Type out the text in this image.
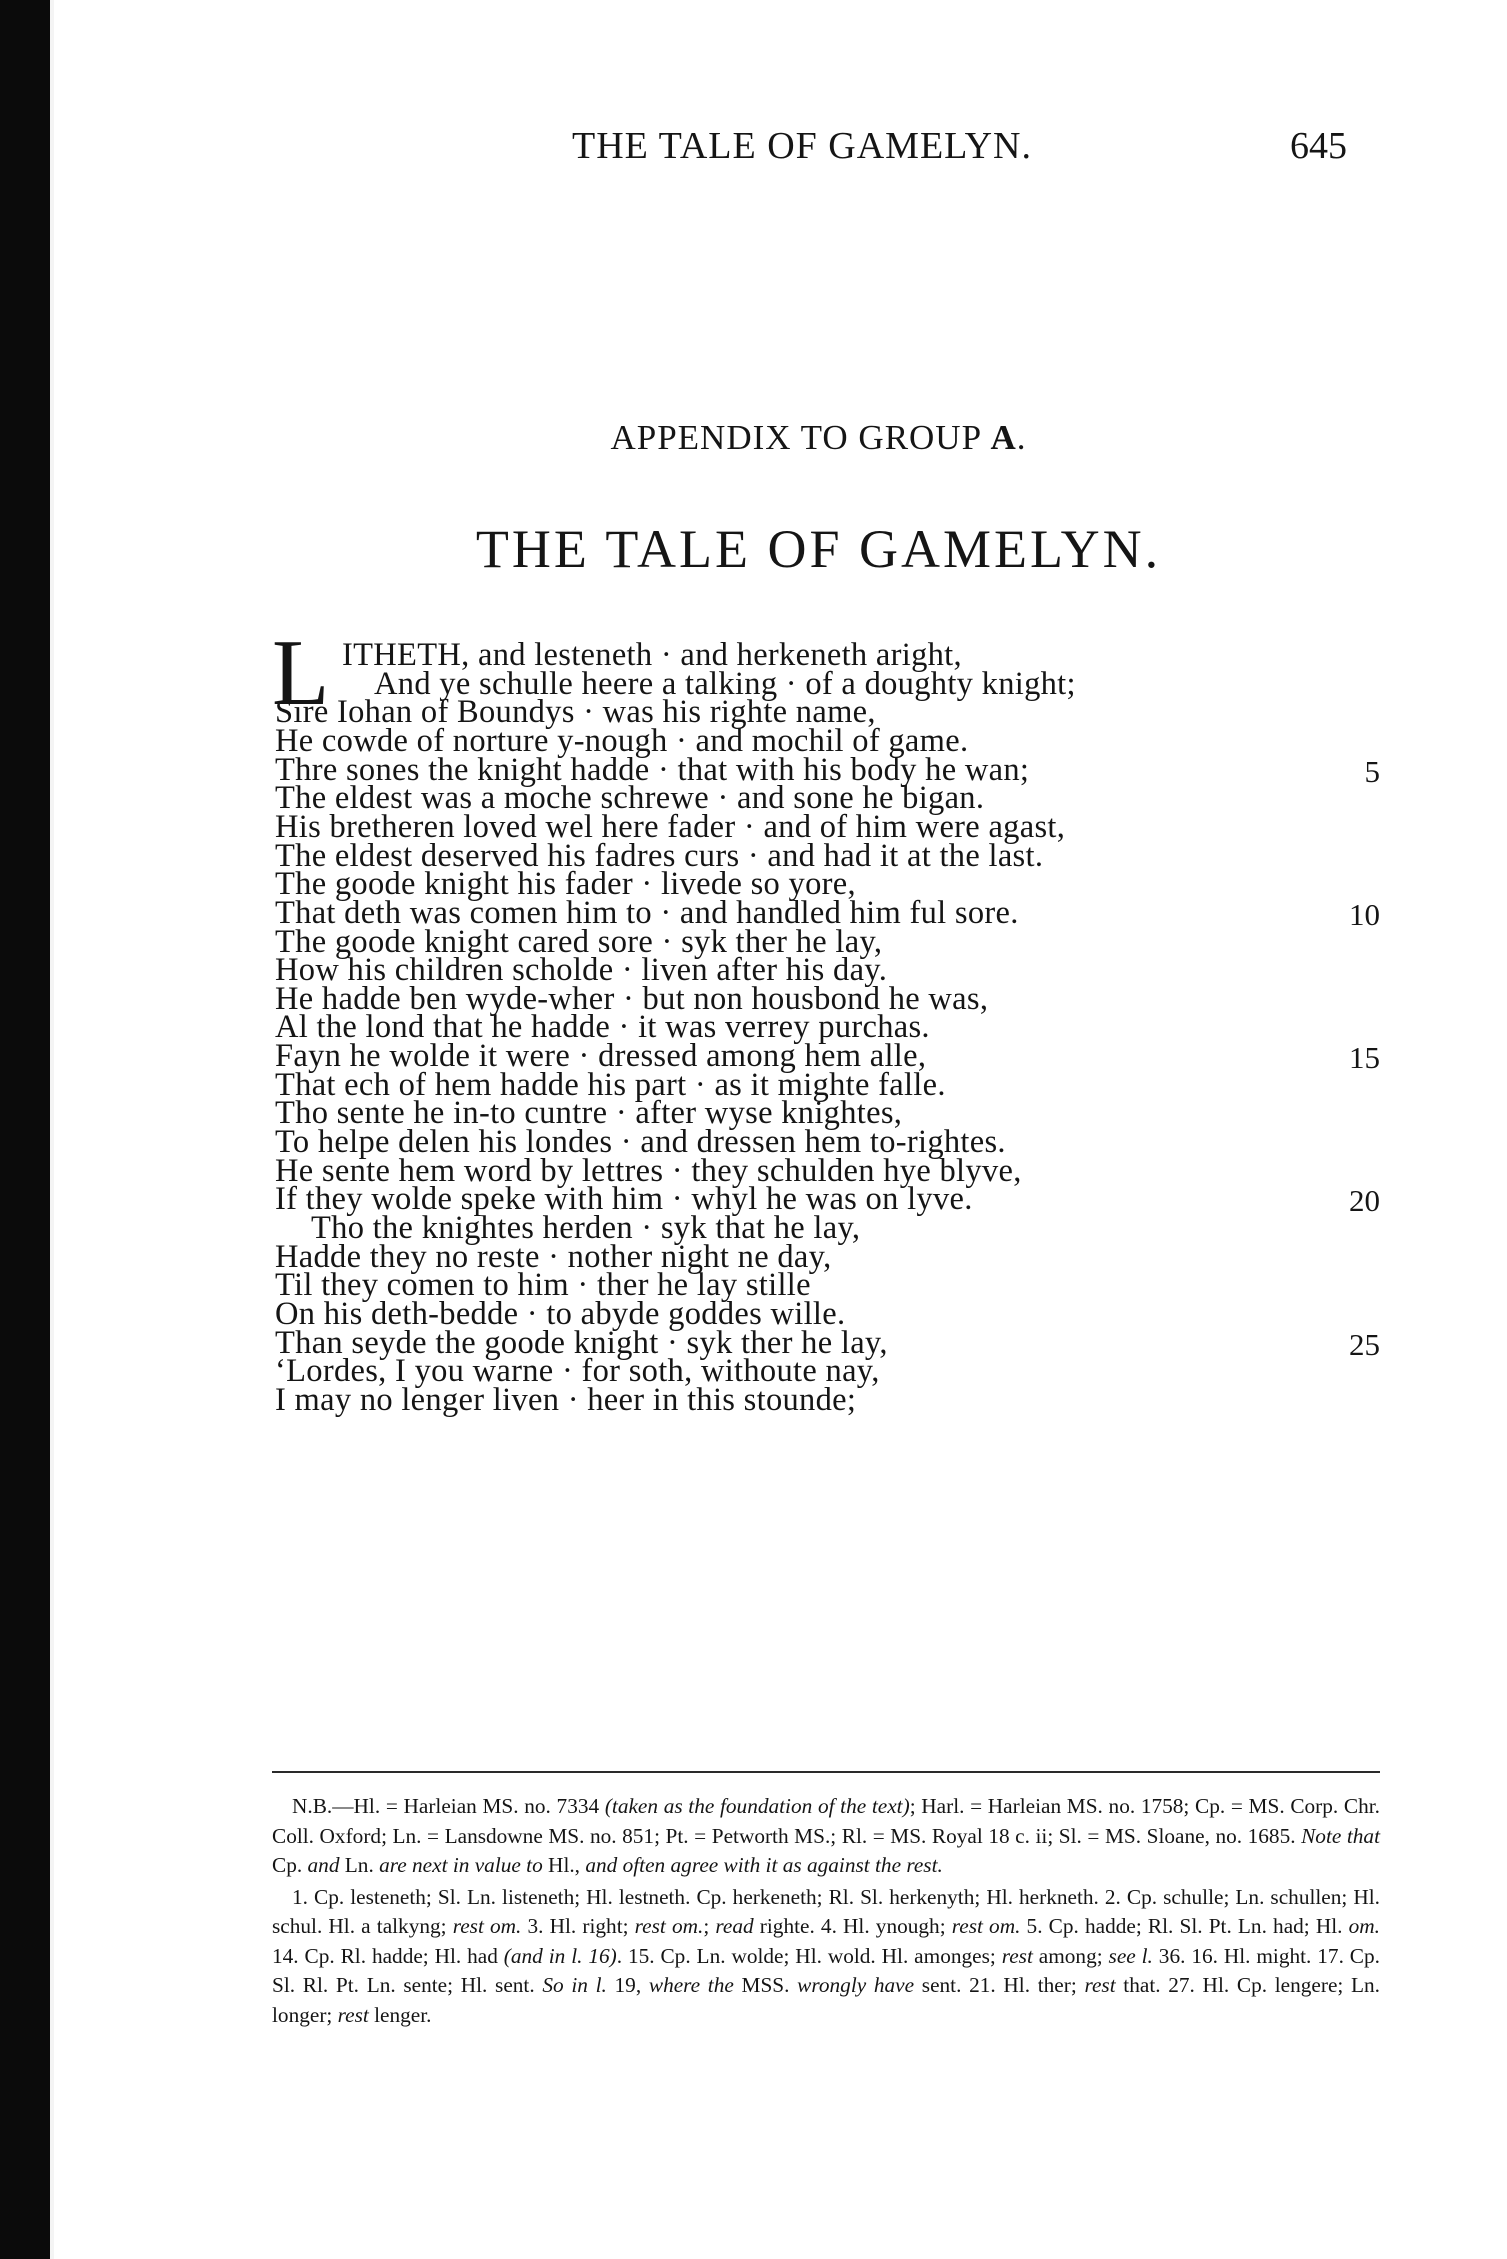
THE TALE OF GAMELYN.	645
APPENDIX TO GROUP A.
THE TALE OF GAMELYN.
L ITHETH, and lesteneth · and herkeneth aright,
And ye schulle heere a talking · of a doughty knight;
Sire Iohan of Boundys · was his righte name,
He cowde of norture y-nough · and mochil of game.
Thre sones the knight hadde · that with his body he wan;	5
The eldest was a moche schrewe · and sone he bigan.
His bretheren loved wel here fader · and of him were agast,
The eldest deserved his fadres curs · and had it at the last.
The goode knight his fader · livede so yore,
That deth was comen him to · and handled him ful sore.	10
The goode knight cared sore · syk ther he lay,
How his children scholde · liven after his day.
He hadde ben wyde-wher · but non housbond he was,
Al the lond that he hadde · it was verrey purchas.
Fayn he wolde it were · dressed among hem alle,	15
That ech of hem hadde his part · as it mighte falle.
Tho sente he in-to cuntre · after wyse knightes,
To helpe delen his londes · and dressen hem to-rightes.
He sente hem word by lettres · they schulden hye blyve,
If they wolde speke with him · whyl he was on lyve.	20
Tho the knightes herden · syk that he lay,
Hadde they no reste · nother night ne day,
Til they comen to him · ther he lay stille
On his deth-bedde · to abyde goddes wille.
Than seyde the goode knight · syk ther he lay,	25
‘Lordes, I you warne · for soth, withoute nay,
I may no lenger liven · heer in this stounde;

N.B.—Hl. = Harleian MS. no. 7334 (taken as the foundation of the text); Harl. = Harleian MS. no. 1758; Cp. = MS. Corp. Chr. Coll. Oxford; Ln. = Lansdowne MS. no. 851; Pt. = Petworth MS.; Rl. = MS. Royal 18 c. ii; Sl. = MS. Sloane, no. 1685. Note that Cp. and Ln. are next in value to Hl., and often agree with it as against the rest.

1. Cp. lesteneth; Sl. Ln. listeneth; Hl. lestneth. Cp. herkeneth; Rl. Sl. herkenyth; Hl. herkneth. 2. Cp. schulle; Ln. schullen; Hl. schul. Hl. a talkyng; rest om. 3. Hl. right; rest om.; read righte. 4. Hl. ynough; rest om. 5. Cp. hadde; Rl. Sl. Pt. Ln. had; Hl. om. 14. Cp. Rl. hadde; Hl. had (and in l. 16). 15. Cp. Ln. wolde; Hl. wold. Hl. amonges; rest among; see l. 36. 16. Hl. might. 17. Cp. Sl. Rl. Pt. Ln. sente; Hl. sent. So in l. 19, where the MSS. wrongly have sent. 21. Hl. ther; rest that. 27. Hl. Cp. lengere; Ln. longer; rest lenger.
